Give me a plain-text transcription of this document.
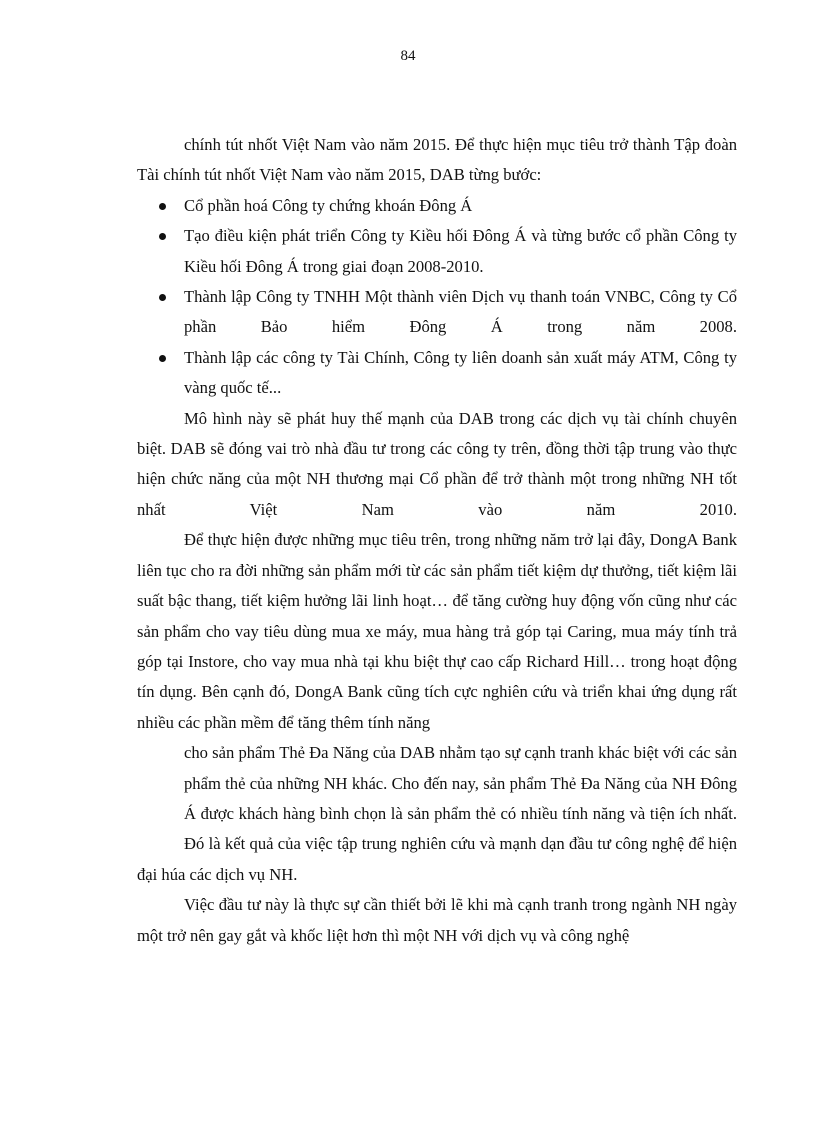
84

chính tút nhốt Việt Nam vào năm 2015. Để thực hiện mục tiêu trở thành Tập đoàn Tài chính tút nhốt Việt Nam vào năm 2015, DAB từng bước:

Cổ phần hoá Công ty chứng khoán Đông Á
Tạo điều kiện phát triển Công ty Kiều hối Đông Á và từng bước cổ phần Công ty Kiều hối Đông Á trong giai đoạn 2008-2010.
Thành lập Công ty TNHH Một thành viên Dịch vụ thanh toán VNBC, Công ty Cổ phần Bảo hiểm Đông Á trong năm 2008.
Thành lập các công ty Tài Chính, Công ty liên doanh sản xuất máy ATM, Công ty vàng quốc tế...

Mô hình này sẽ phát huy thế mạnh của DAB trong các dịch vụ tài chính chuyên biệt. DAB sẽ đóng vai trò nhà đầu tư trong các công ty trên, đồng thời tập trung vào thực hiện chức năng của một NH thương mại Cổ phần để trở thành một trong những NH tốt nhất Việt Nam vào năm 2010.

Để thực hiện được những mục tiêu trên, trong những năm trở lại đây, DongA Bank liên tục cho ra đời những sản phẩm mới từ các sản phẩm tiết kiệm dự thưởng, tiết kiệm lãi suất bậc thang, tiết kiệm hưởng lãi linh hoạt… để tăng cường huy động vốn cũng như các sản phẩm cho vay tiêu dùng mua xe máy, mua hàng trả góp tại Caring, mua máy tính trả góp tại Instore, cho vay mua nhà tại khu biệt thự cao cấp Richard Hill… trong hoạt động tín dụng. Bên cạnh đó, DongA Bank cũng tích cực nghiên cứu và triển khai ứng dụng rất nhiều các phần mềm để tăng thêm tính năng

cho sản phẩm Thẻ Đa Năng của DAB nhằm tạo sự cạnh tranh khác biệt với các sản phẩm thẻ của những NH khác. Cho đến nay, sản phẩm Thẻ Đa Năng của NH Đông Á được khách hàng bình chọn là sản phẩm thẻ có nhiều tính năng và tiện ích nhất.

Đó là kết quả của việc tập trung nghiên cứu và mạnh dạn đầu tư công nghệ để hiện đại húa các dịch vụ NH.

Việc đầu tư này là thực sự cần thiết bởi lẽ khi mà cạnh tranh trong ngành NH ngày một trở nên gay gắt và khốc liệt hơn thì một NH với dịch vụ và công nghệ
